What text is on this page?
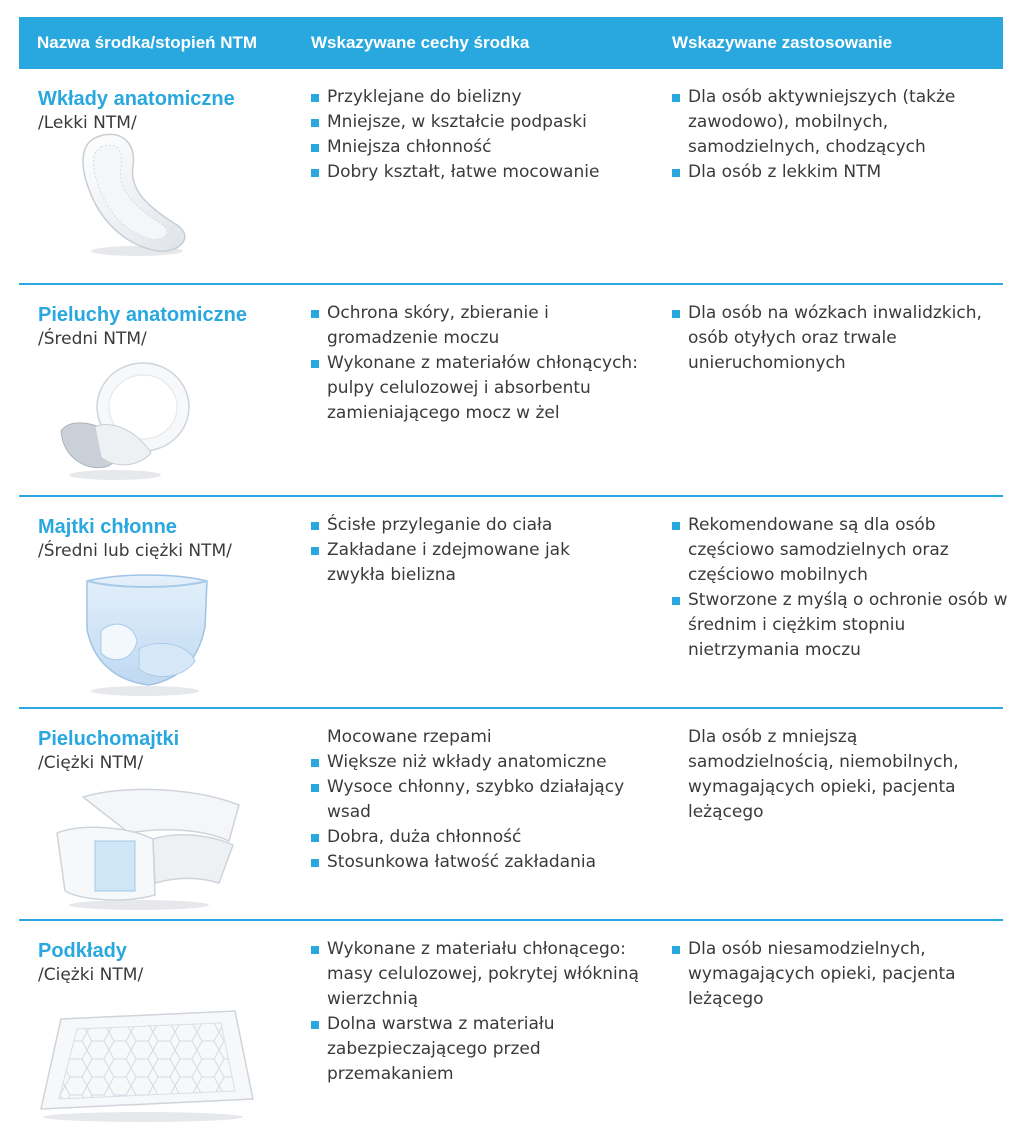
Nazwa środka/stopień NTM	Wskazywane cechy środka	Wskazywane zastosowanie
Wkłady anatomiczne
/Lekki NTM/
Przyklejane do bielizny
Mniejsze, w kształcie podpaski
Mniejsza chłonność
Dobry kształt, łatwe mocowanie
Dla osób aktywniejszych (także zawodowo), mobilnych, samodzielnych, chodzących
Dla osób z lekkim NTM
Pieluchy anatomiczne
/Średni NTM/
Ochrona skóry, zbieranie i gromadzenie moczu
Wykonane z materiałów chłonących: pulpy celulozowej i absorbentu zamieniającego mocz w żel
Dla osób na wózkach inwalidzkich, osób otyłych oraz trwale unieruchomionych
Majtki chłonne
/Średni lub ciężki NTM/
Ścisłe przyleganie do ciała
Zakładane i zdejmowane jak zwykła bielizna
Rekomendowane są dla osób częściowo samodzielnych oraz częściowo mobilnych
Stworzone z myślą o ochronie osób w średnim i ciężkim stopniu nietrzymania moczu
Pieluchomajtki
/Ciężki NTM/
Mocowane rzepami
Większe niż wkłady anatomiczne
Wysoce chłonny, szybko działający wsad
Dobra, duża chłonność
Stosunkowa łatwość zakładania
Dla osób z mniejszą samodzielnością, niemobilnych, wymagających opieki, pacjenta leżącego
Podkłady
/Ciężki NTM/
Wykonane z materiału chłonącego: masy celulozowej, pokrytej włókniną wierzchnią
Dolna warstwa z materiału zabezpieczającego przed przemakaniem
Dla osób niesamodzielnych, wymagających opieki, pacjenta leżącego
